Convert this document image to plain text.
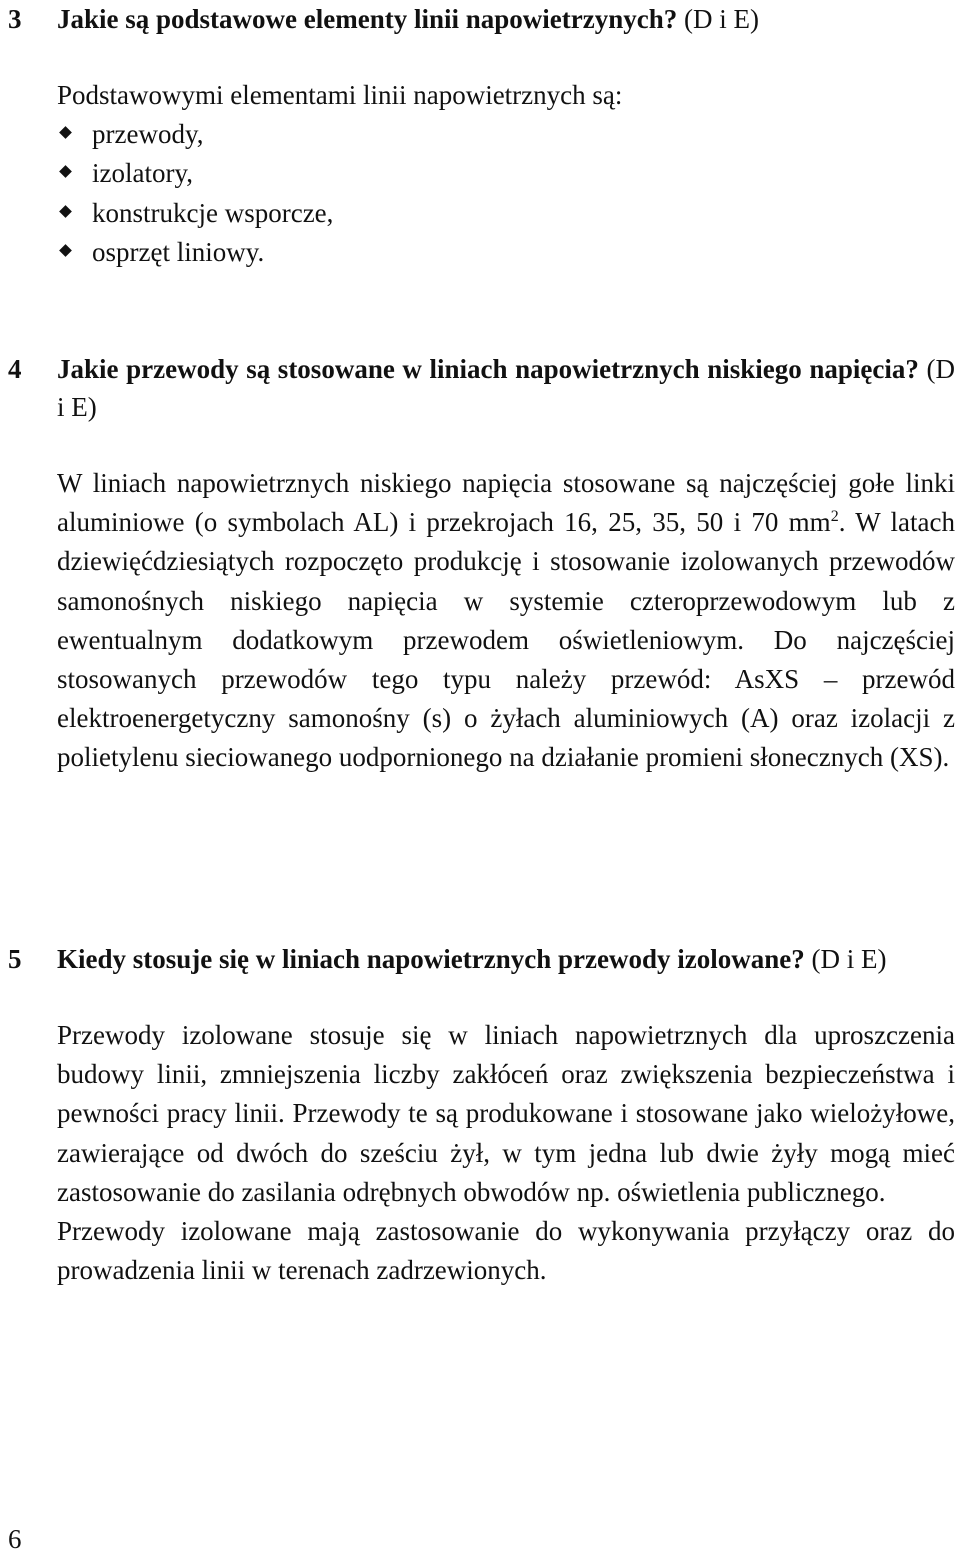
3 Jakie są podstawowe elementy linii napowietrzynych? (D i E)

Podstawowymi elementami linii napowietrznych są:

przewody,
izolatory,
konstrukcje wsporcze,
osprzęt liniowy.
4 Jakie przewody są stosowane w liniach napowietrznych niskiego napięcia? (D i E)

W liniach napowietrznych niskiego napięcia stosowane są najczęściej gołe linki aluminiowe (o symbolach AL) i przekrojach 16, 25, 35, 50 i 70 $mm^2$. W latach dziewięćdziesiątych rozpoczęto produkcję i stosowanie izolowanych przewodów samonośnych niskiego napięcia w systemie czteroprzewodowym lub z ewentualnym dodatkowym przewodem oświetleniowym. Do najczęściej stosowanych przewodów tego typu należy przewód: AsXS – przewód elektroenergetyczny samonośny (s) o żyłach aluminiowych (A) oraz izolacji z polietylenu sieciowanego uodpornionego na działanie promieni słonecznych (XS).

5 Kiedy stosuje się w liniach napowietrznych przewody izolowane? (D i E)

Przewody izolowane stosuje się w liniach napowietrznych dla uproszczenia budowy linii, zmniejszenia liczby zakłóceń oraz zwiększenia bezpieczeństwa i pewności pracy linii. Przewody te są produkowane i stosowane jako wielożyłowe, zawierające od dwóch do sześciu żył, w tym jedna lub dwie żyły mogą mieć zastosowanie do zasilania odrębnych obwodów np. oświetlenia publicznego.

Przewody izolowane mają zastosowanie do wykonywania przyłączy oraz do prowadzenia linii w terenach zadrzewionych.

6
